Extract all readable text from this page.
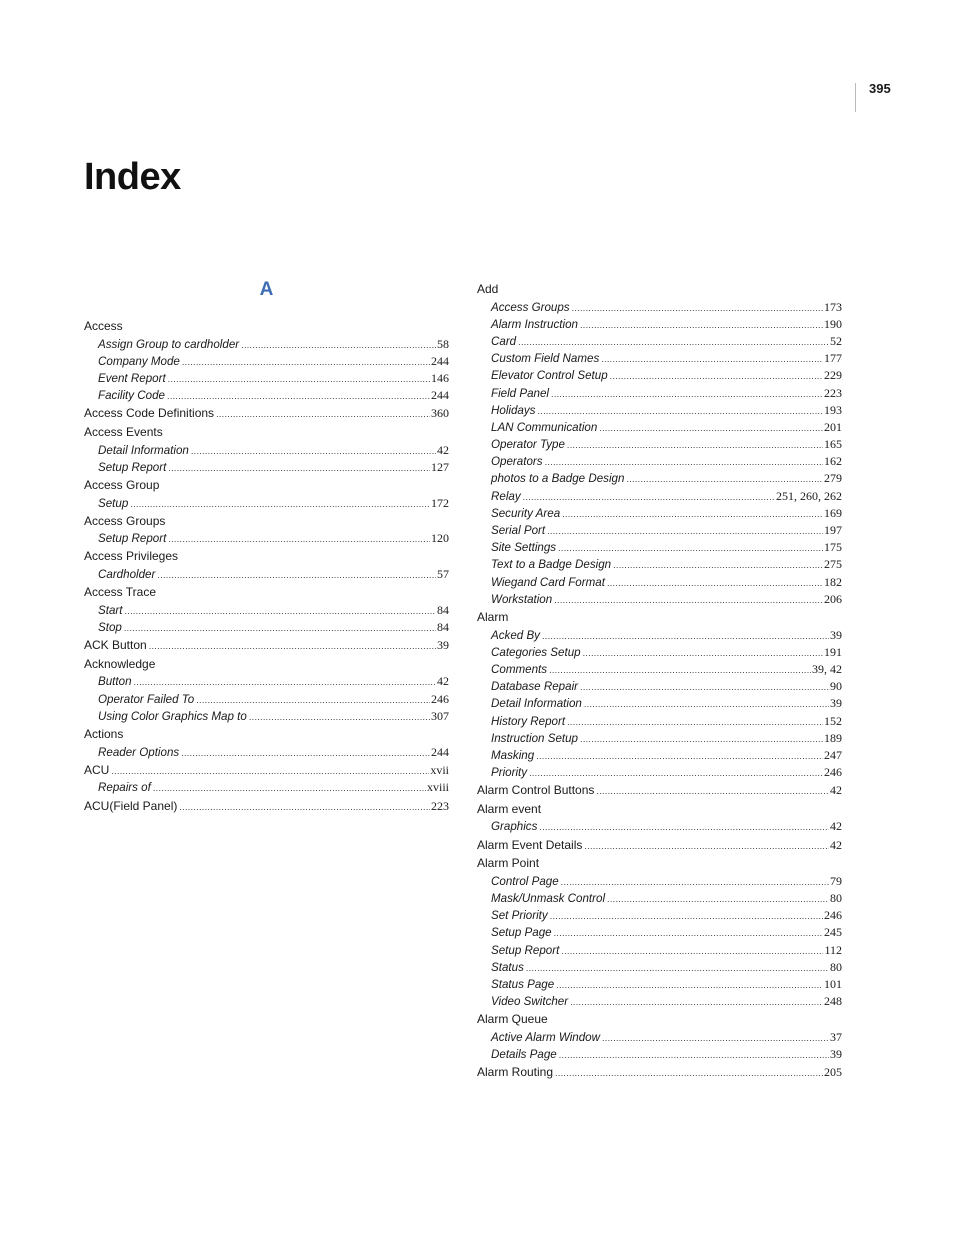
395
Index
A
Access
Assign Group to cardholder .....	58
Company Mode .....	244
Event Report .....	146
Facility Code .....	244
Access Code Definitions .....	360
Access Events
Detail Information .....	42
Setup Report .....	127
Access Group
Setup .....	172
Access Groups
Setup Report .....	120
Access Privileges
Cardholder .....	57
Access Trace
Start .....	84
Stop .....	84
ACK Button .....	39
Acknowledge
Button .....	42
Operator Failed To .....	246
Using Color Graphics Map to .....	307
Actions
Reader Options .....	244
ACU .....	xvii
Repairs of .....	xviii
ACU(Field Panel) .....	223
Add
Access Groups .....	173
Alarm Instruction .....	190
Card .....	52
Custom Field Names .....	177
Elevator Control Setup .....	229
Field Panel .....	223
Holidays .....	193
LAN Communication .....	201
Operator Type .....	165
Operators .....	162
photos to a Badge Design .....	279
Relay .....	251, 260, 262
Security Area .....	169
Serial Port .....	197
Site Settings .....	175
Text to a Badge Design .....	275
Wiegand Card Format .....	182
Workstation .....	206
Alarm
Acked By .....	39
Categories Setup .....	191
Comments .....	39, 42
Database Repair .....	90
Detail Information .....	39
History Report .....	152
Instruction Setup .....	189
Masking .....	247
Priority .....	246
Alarm Control Buttons .....	42
Alarm event
Graphics .....	42
Alarm Event Details .....	42
Alarm Point
Control Page .....	79
Mask/Unmask Control .....	80
Set Priority .....	246
Setup Page .....	245
Setup Report .....	112
Status .....	80
Status Page .....	101
Video Switcher .....	248
Alarm Queue
Active Alarm Window .....	37
Details Page .....	39
Alarm Routing .....	205
